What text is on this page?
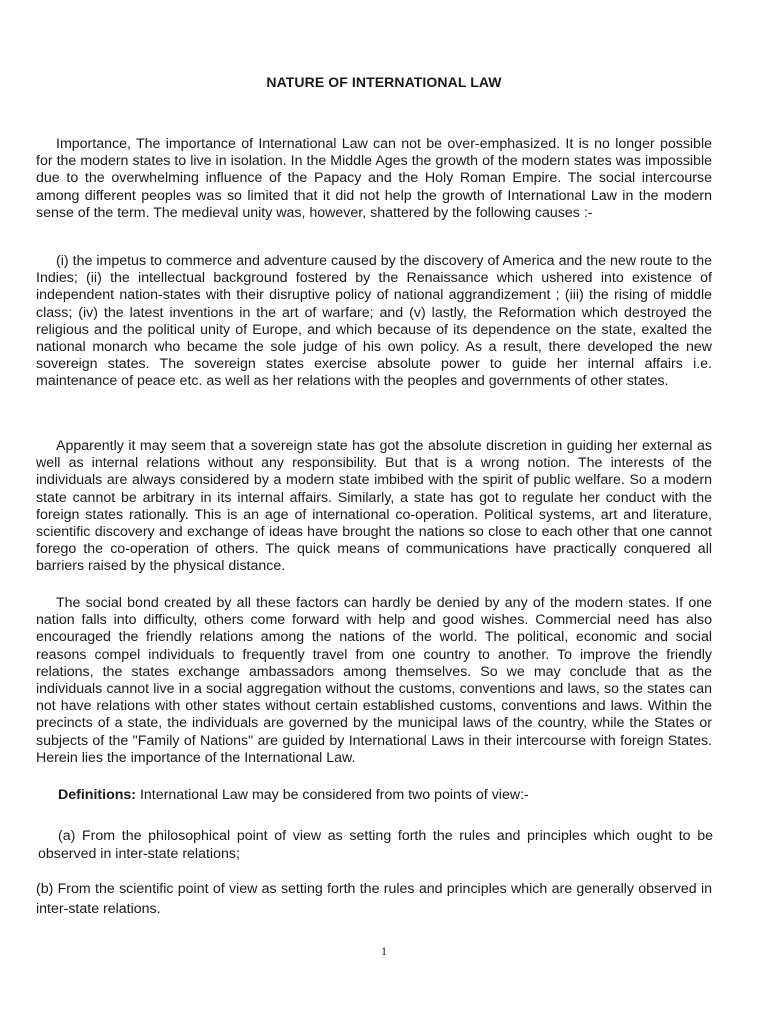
NATURE OF INTERNATIONAL LAW

Importance, The importance of International Law can not be over-emphasized. It is no longer possible for the modern states to live in isolation. In the Middle Ages the growth of the modern states was impossible due to the overwhelming influence of the Papacy and the Holy Roman Empire. The social intercourse among different peoples was so limited that it did not help the growth of International Law in the modern sense of the term. The medieval unity was, however, shattered by the following causes :-

(i) the impetus to commerce and adventure caused by the discovery of America and the new route to the Indies; (ii) the intellectual background fostered by the Renaissance which ushered into existence of independent nation-states with their disruptive policy of national aggrandizement ; (iii) the rising of middle class; (iv) the latest inventions in the art of warfare; and (v) lastly, the Reformation which destroyed the religious and the political unity of Europe, and which because of its dependence on the state, exalted the national monarch who became the sole judge of his own policy. As a result, there developed the new sovereign states. The sovereign states exercise absolute power to guide her internal affairs i.e. maintenance of peace etc. as well as her relations with the peoples and governments of other states.

Apparently it may seem that a sovereign state has got the absolute discretion in guiding her external as well as internal relations without any responsibility. But that is a wrong notion. The interests of the individuals are always considered by a modern state imbibed with the spirit of public welfare. So a modern state cannot be arbitrary in its internal affairs. Similarly, a state has got to regulate her conduct with the foreign states rationally. This is an age of international co-operation. Political systems, art and literature, scientific discovery and exchange of ideas have brought the nations so close to each other that one cannot forego the co-operation of others. The quick means of communications have practically conquered all barriers raised by the physical distance.

The social bond created by all these factors can hardly be denied by any of the modern states. If one nation falls into difficulty, others come forward with help and good wishes. Commercial need has also encouraged the friendly relations among the nations of the world. The political, economic and social reasons compel individuals to frequently travel from one country to another. To improve the friendly relations, the states exchange ambassadors among themselves. So we may conclude that as the individuals cannot live in a social aggregation without the customs, conventions and laws, so the states can not have relations with other states without certain established customs, conventions and laws. Within the precincts of a state, the individuals are governed by the municipal laws of the country, while the States or subjects of the "Family of Nations" are guided by International Laws in their intercourse with foreign States. Herein lies the importance of the International Law.

Definitions: International Law may be considered from two points of view:-

(a) From the philosophical point of view as setting forth the rules and principles which ought to be observed in inter-state relations;

(b) From the scientific point of view as setting forth the rules and principles which are generally observed in inter-state relations.

1
